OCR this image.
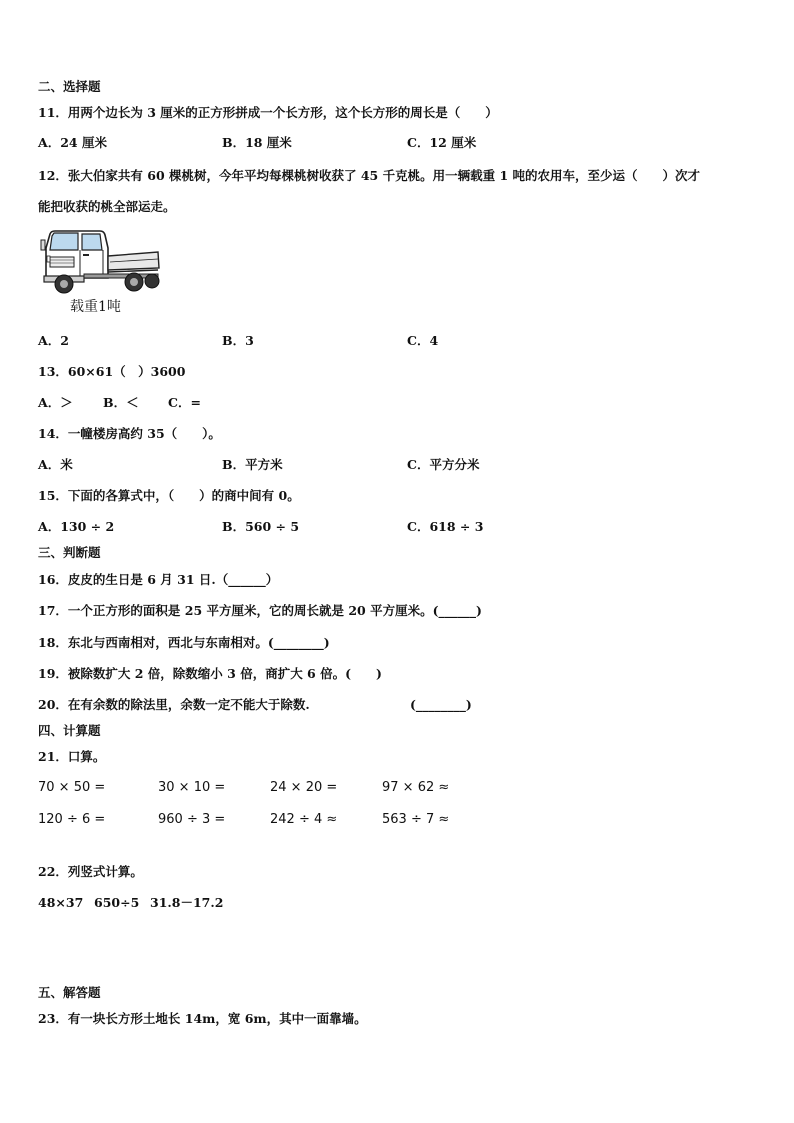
二、选择题
11．用两个边长为 3 厘米的正方形拼成一个长方形，这个长方形的周长是（　　）
A．24 厘米	B．18 厘米	C．12 厘米
12．张大伯家共有 60 棵桃树，今年平均每棵桃树收获了 45 千克桃。用一辆载重 1 吨的农用车，至少运（　　）次才
能把收获的桃全部运走。
载重1吨
A．2	B．3	C．4
13．60×61（　）3600
A．＞ B．＜ C．=
14．一幢楼房高约 35（　　）。
A．米	B．平方米	C．平方分米
15．下面的各算式中，（　　）的商中间有 0。
A．130 ÷ 2	B．560 ÷ 5	C．618 ÷ 3
三、判断题
16．皮皮的生日是 6 月 31 日.（______）
17．一个正方形的面积是 25 平方厘米，它的周长就是 20 平方厘米。(______)
18．东北与西南相对，西北与东南相对。(________)
19．被除数扩大 2 倍，除数缩小 3 倍，商扩大 6 倍。(　　)
20．在有余数的除法里，余数一定不能大于除数.	(________)
四、计算题
21．口算。
70 × 50 =	30 × 10 =	24 × 20 =	97 × 62 ≈
120 ÷ 6 =	960 ÷ 3 =	242 ÷ 4 ≈	563 ÷ 7 ≈
22．列竖式计算。
48×37 650÷5 31.8－17.2
五、解答题
23．有一块长方形土地长 14m，宽 6m，其中一面靠墙。
